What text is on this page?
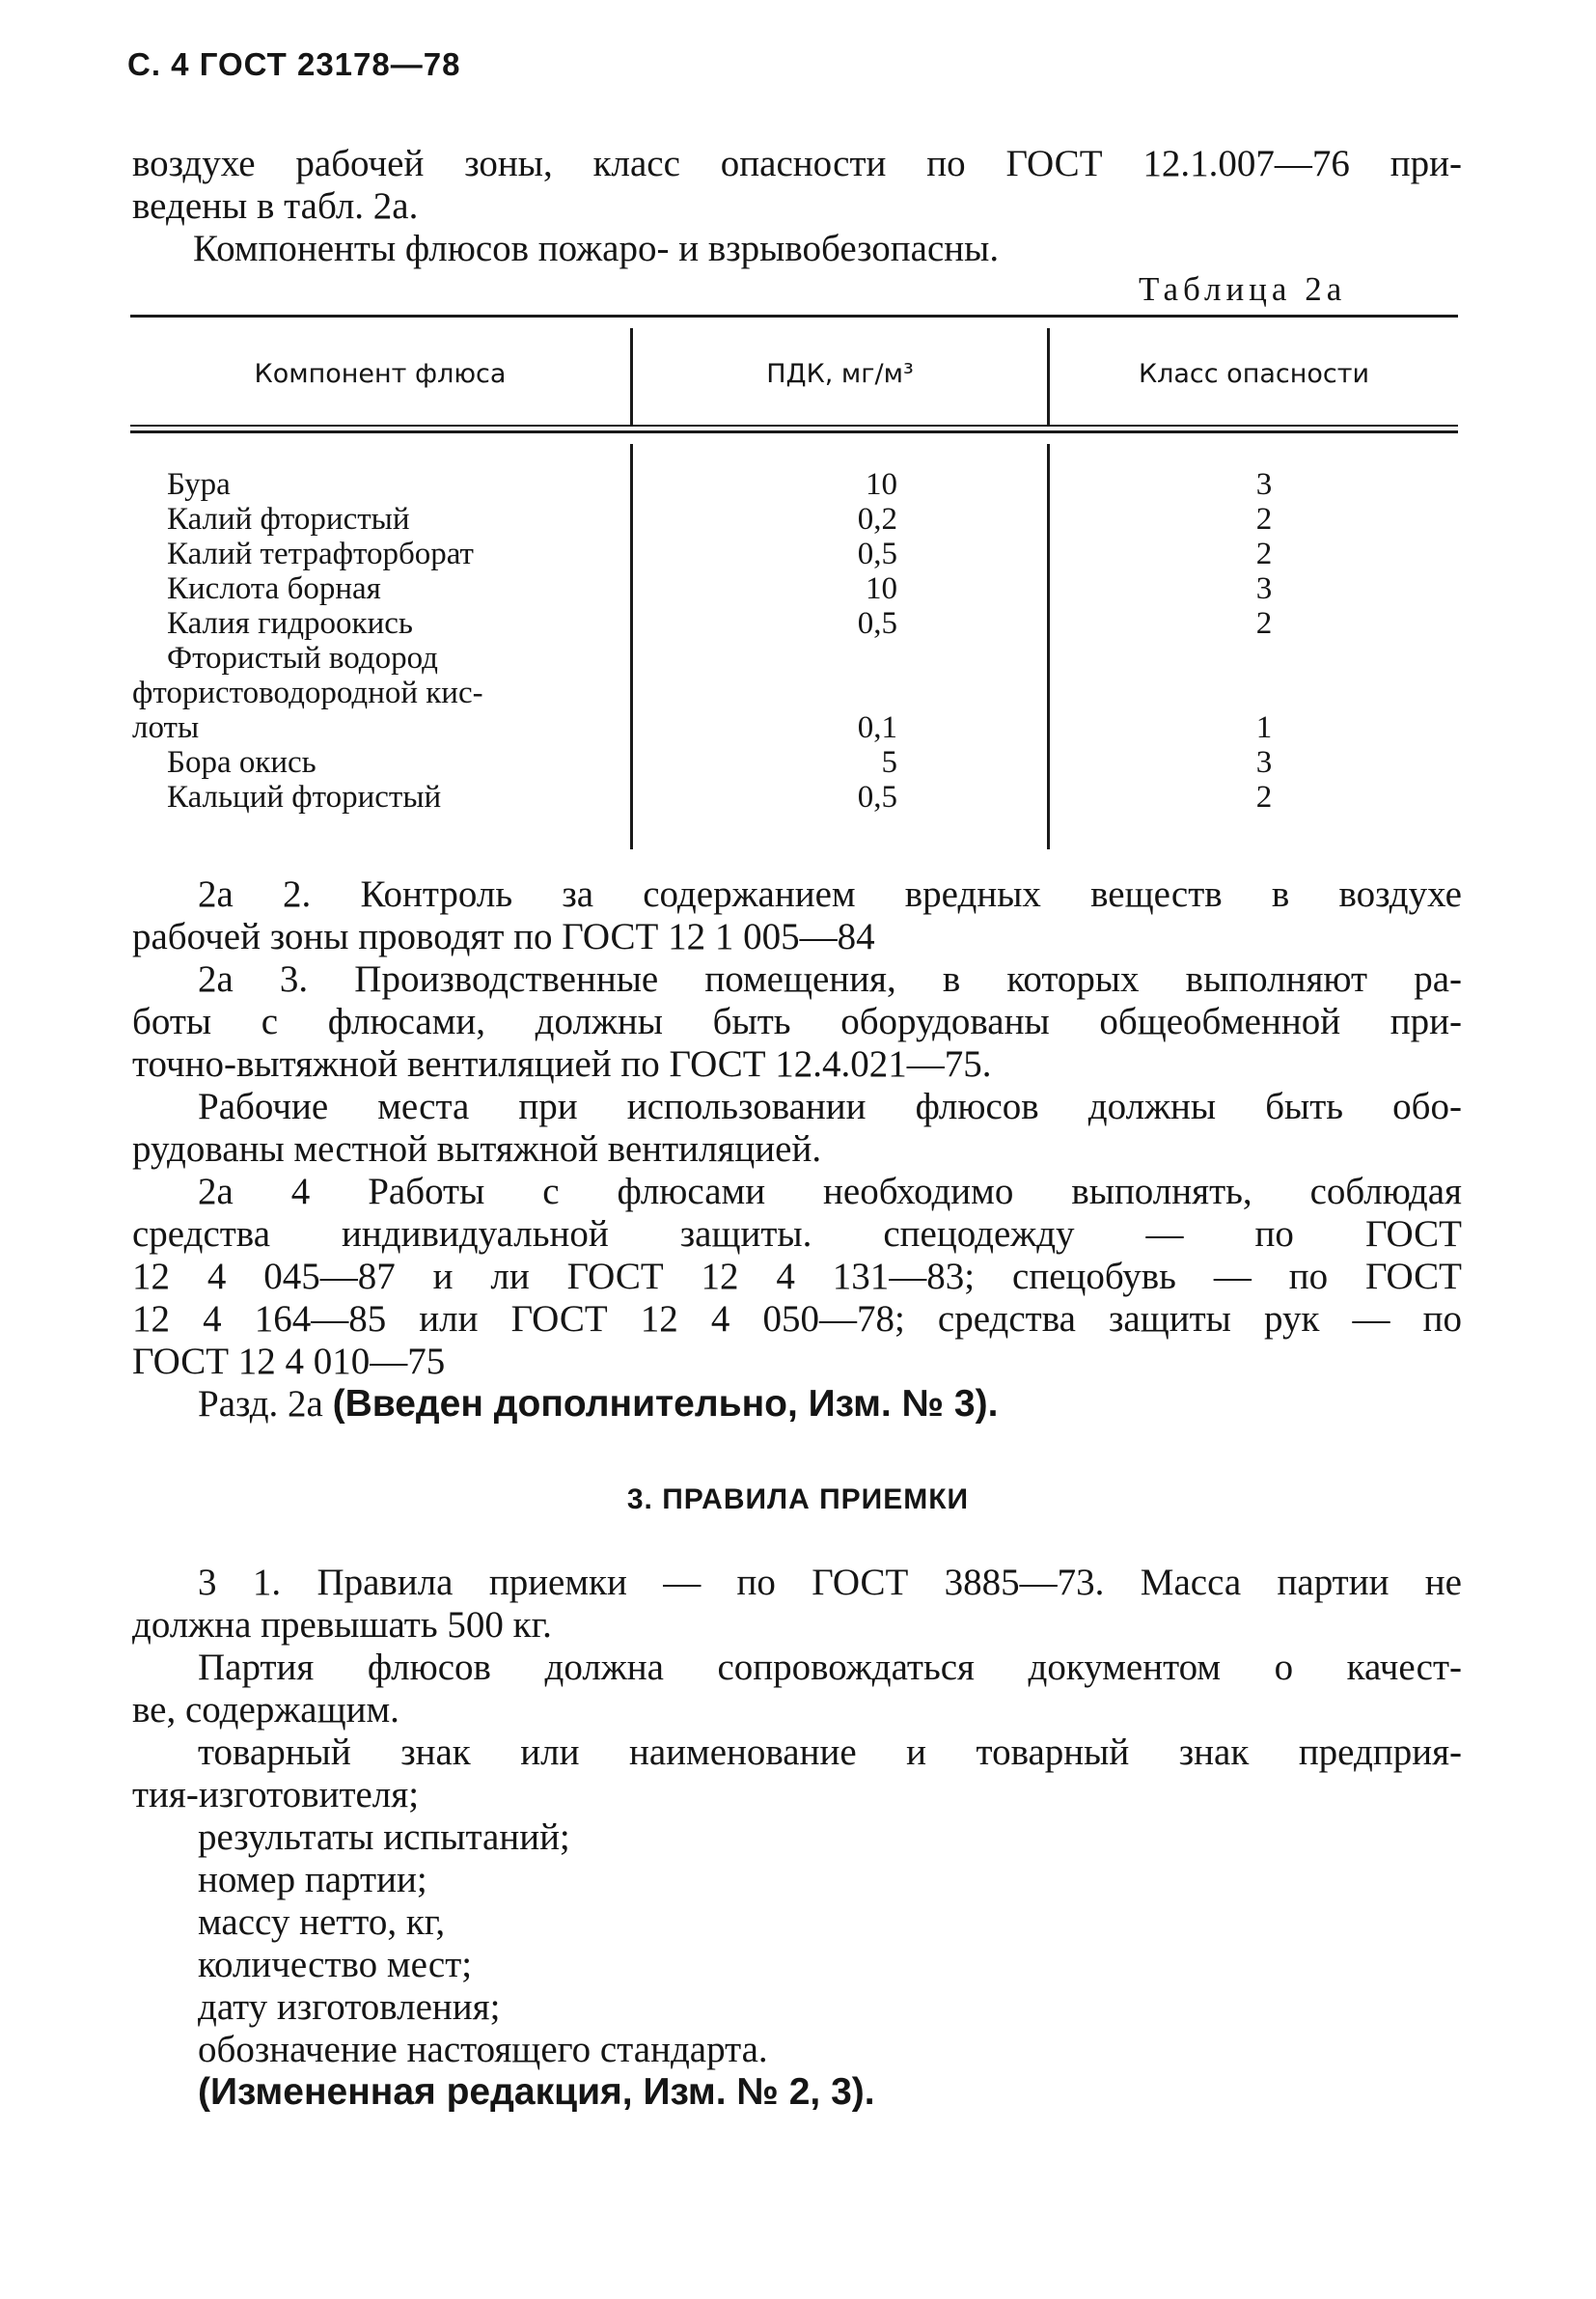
С. 4 ГОСТ 23178—78
воздухе рабочей зоны, класс опасности по ГОСТ 12.1.007—76 при-
ведены в табл. 2а.
Компоненты флюсов пожаро- и взрывобезопасны.
Таблица 2а
Компонент флюса	ПДК, мг/м³	Класс опасности
Бура	10	3
Калий фтористый	0,2	2
Калий тетрафторборат	0,5	2
Кислота борная	10	3
Калия гидроокись	0,5	2
Фтористый водород
фтористоводородной кис-
лоты	0,1	1
Бора окись	5	3
Кальций фтористый	0,5	2
2а 2. Контроль за содержанием вредных веществ в воздухе
рабочей зоны проводят по ГОСТ 12 1 005—84
2а 3. Производственные помещения, в которых выполняют ра-
боты с флюсами, должны быть оборудованы общеобменной при-
точно-вытяжной вентиляцией по ГОСТ 12.4.021—75.
Рабочие места при использовании флюсов должны быть обо-
рудованы местной вытяжной вентиляцией.
2а 4 Работы с флюсами необходимо выполнять, соблюдая
средства индивидуальной защиты. спецодежду — по ГОСТ
12 4 045—87 и ли ГОСТ 12 4 131—83; спецобувь — по ГОСТ
12 4 164—85 или ГОСТ 12 4 050—78; средства защиты рук — по
ГОСТ 12 4 010—75
Разд. 2а (Введен дополнительно, Изм. № 3).
3. ПРАВИЛА ПРИЕМКИ
3 1. Правила приемки — по ГОСТ 3885—73. Масса партии не
должна превышать 500 кг.
Партия флюсов должна сопровождаться документом о качест-
ве, содержащим.
товарный знак или наименование и товарный знак предприя-
тия-изготовителя;
результаты испытаний;
номер партии;
массу нетто, кг,
количество мест;
дату изготовления;
обозначение настоящего стандарта.
(Измененная редакция, Изм. № 2, 3).
